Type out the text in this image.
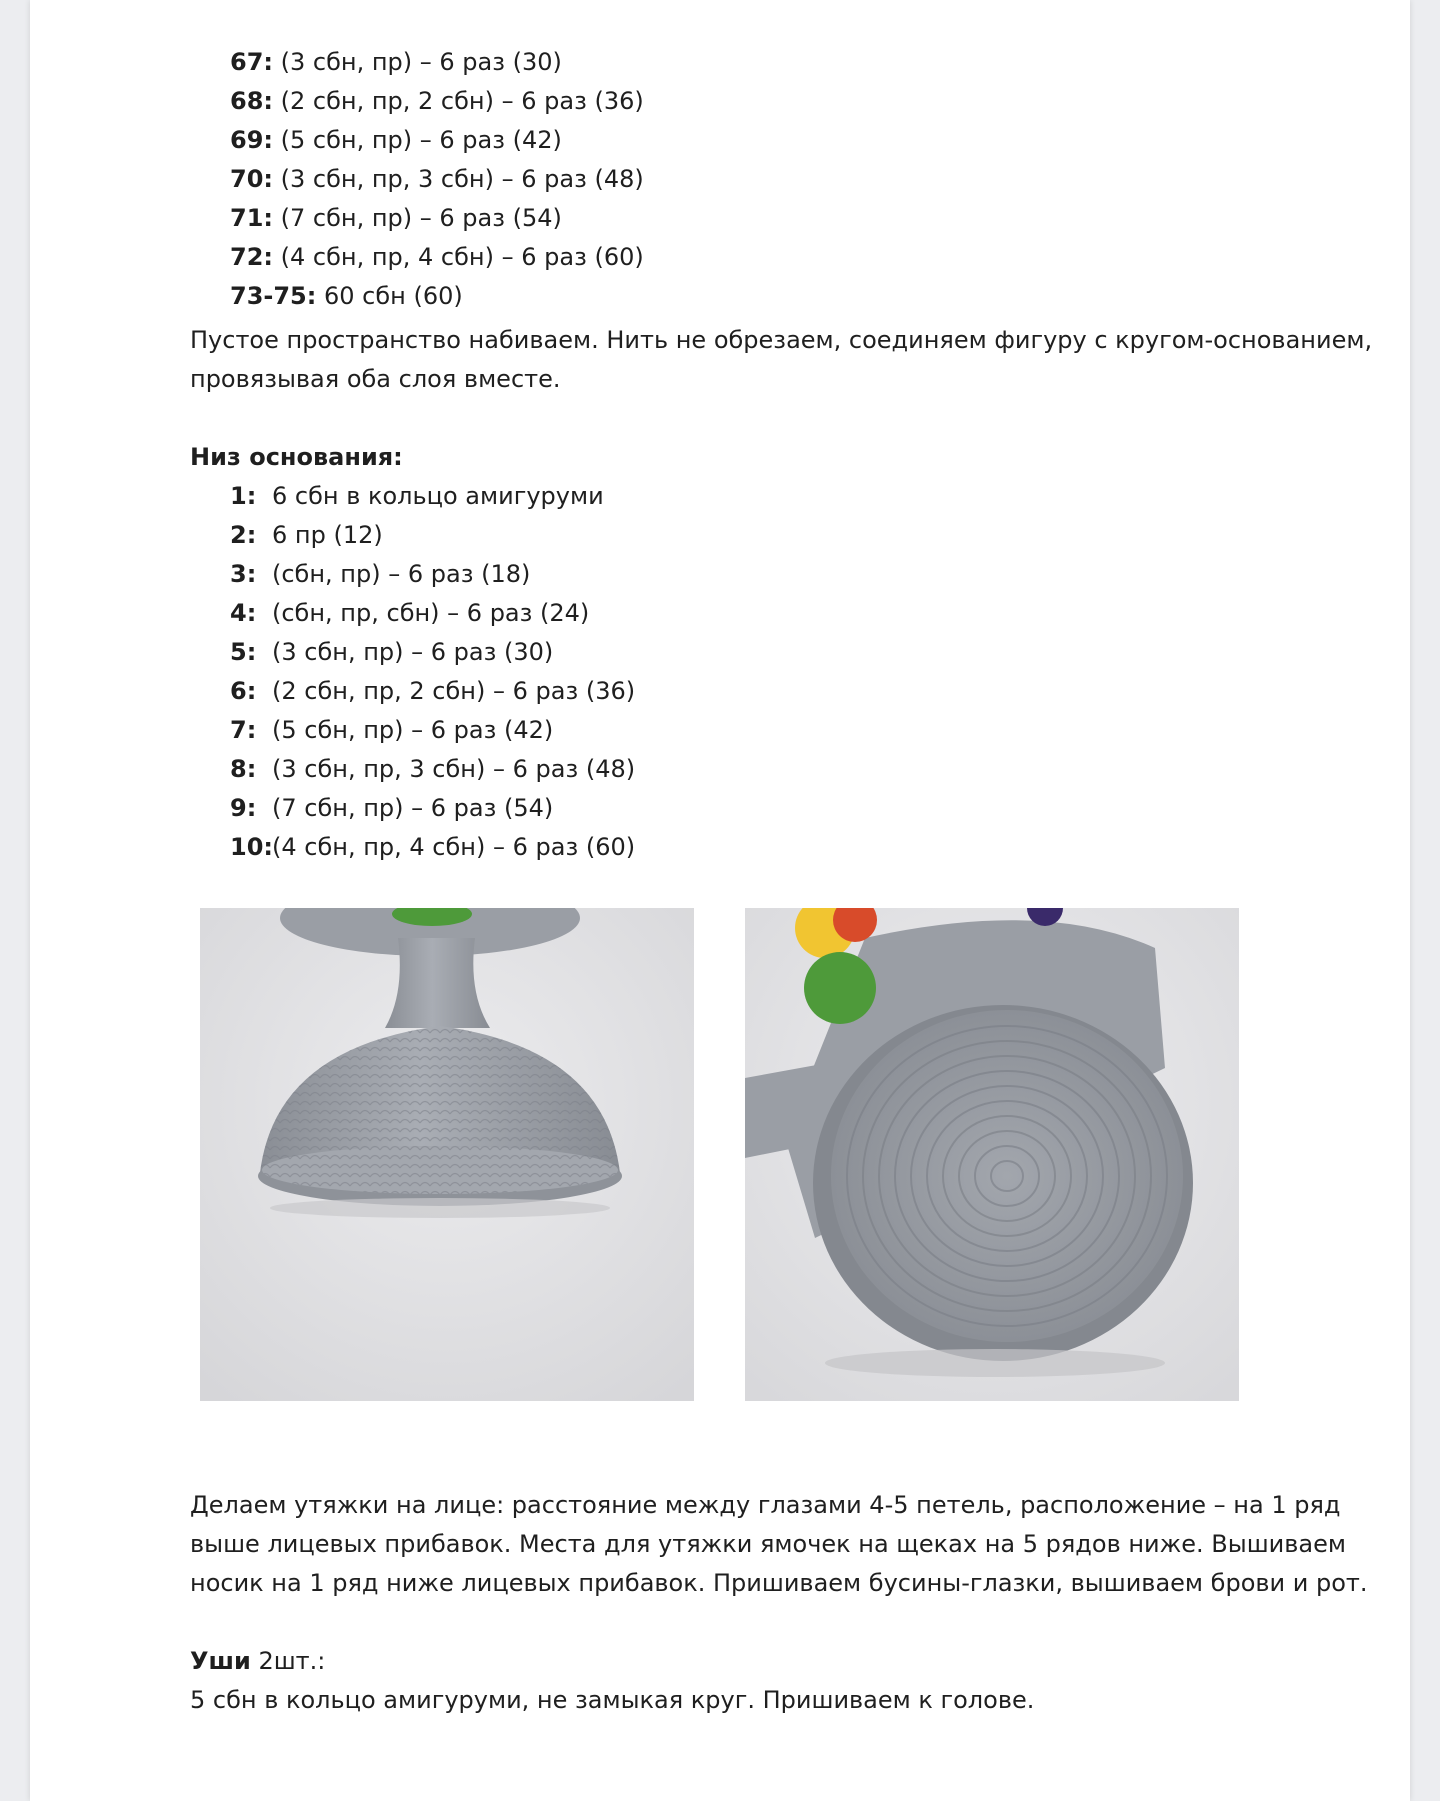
67: (3 сбн, пр) – 6 раз (30)
68: (2 сбн, пр, 2 сбн) – 6 раз (36)
69: (5 сбн, пр) – 6 раз (42)
70: (3 сбн, пр, 3 сбн) – 6 раз (48)
71: (7 сбн, пр) – 6 раз (54)
72: (4 сбн, пр, 4 сбн) – 6 раз (60)
73-75: 60 сбн (60)
Пустое пространство набиваем. Нить не обрезаем, соединяем фигуру с кругом-основанием,
провязывая оба слоя вместе.
Низ основания:
1: 6 сбн в кольцо амигуруми
2: 6 пр (12)
3: (сбн, пр) – 6 раз (18)
4: (сбн, пр, сбн) – 6 раз (24)
5: (3 сбн, пр) – 6 раз (30)
6: (2 сбн, пр, 2 сбн) – 6 раз (36)
7: (5 сбн, пр) – 6 раз (42)
8: (3 сбн, пр, 3 сбн) – 6 раз (48)
9: (7 сбн, пр) – 6 раз (54)
10:(4 сбн, пр, 4 сбн) – 6 раз (60)
Делаем утяжки на лице: расстояние между глазами 4-5 петель, расположение – на 1 ряд
выше лицевых прибавок. Места для утяжки ямочек на щеках на 5 рядов ниже. Вышиваем
носик на 1 ряд ниже лицевых прибавок. Пришиваем бусины-глазки, вышиваем брови и рот.
Уши 2шт.:
5 сбн в кольцо амигуруми, не замыкая круг. Пришиваем к голове.
